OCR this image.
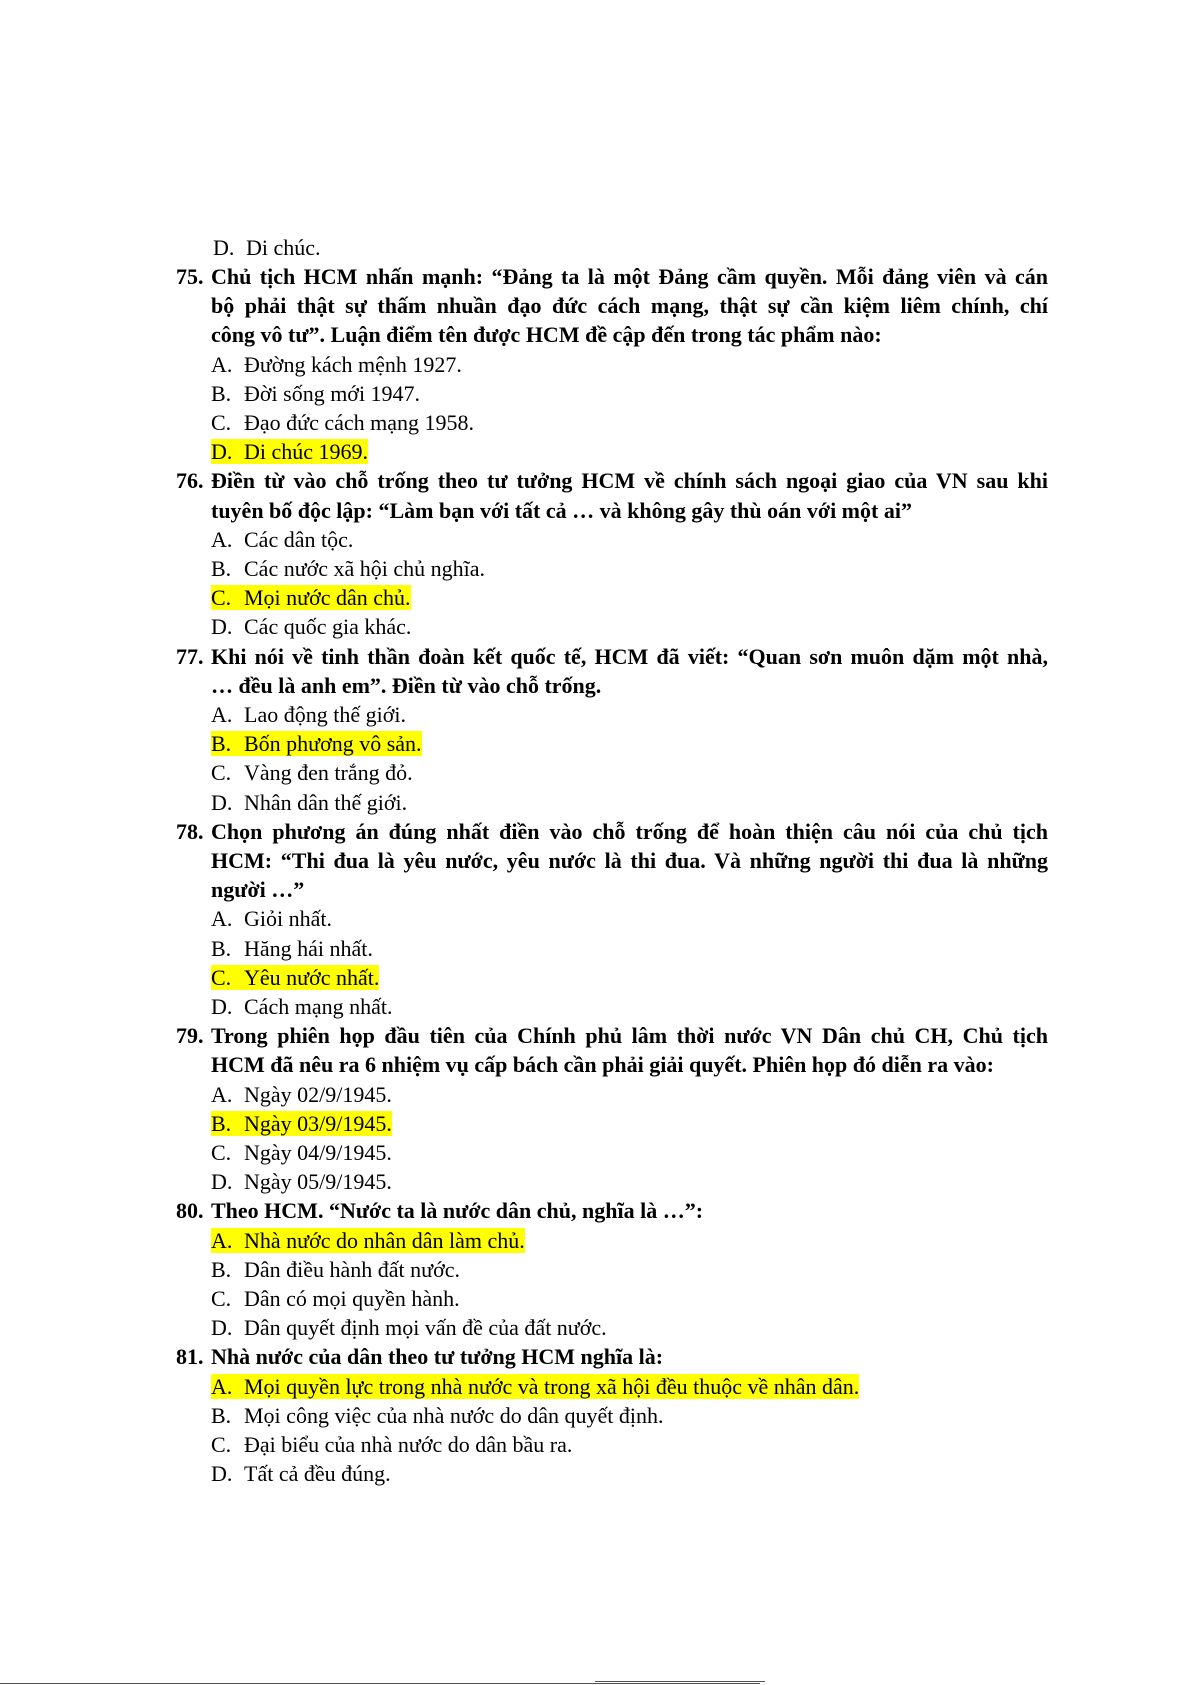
D. Di chúc.
75. Chủ tịch HCM nhấn mạnh: “Đảng ta là một Đảng cầm quyền. Mỗi đảng viên và cán
bộ phải thật sự thấm nhuần đạo đức cách mạng, thật sự cần kiệm liêm chính, chí
công vô tư”. Luận điểm tên được HCM đề cập đến trong tác phẩm nào:
A. Đường kách mệnh 1927.
B. Đời sống mới 1947.
C. Đạo đức cách mạng 1958.
D. Di chúc 1969.
76. Điền từ vào chỗ trống theo tư tưởng HCM về chính sách ngoại giao của VN sau khi
tuyên bố độc lập: “Làm bạn với tất cả … và không gây thù oán với một ai”
A. Các dân tộc.
B. Các nước xã hội chủ nghĩa.
C. Mọi nước dân chủ.
D. Các quốc gia khác.
77. Khi nói về tinh thần đoàn kết quốc tế, HCM đã viết: “Quan sơn muôn dặm một nhà,
… đều là anh em”. Điền từ vào chỗ trống.
A. Lao động thế giới.
B. Bốn phương vô sản.
C. Vàng đen trắng đỏ.
D. Nhân dân thế giới.
78. Chọn phương án đúng nhất điền vào chỗ trống để hoàn thiện câu nói của chủ tịch
HCM: “Thi đua là yêu nước, yêu nước là thi đua. Và những người thi đua là những
người …”
A. Giỏi nhất.
B. Hăng hái nhất.
C. Yêu nước nhất.
D. Cách mạng nhất.
79. Trong phiên họp đầu tiên của Chính phủ lâm thời nước VN Dân chủ CH, Chủ tịch
HCM đã nêu ra 6 nhiệm vụ cấp bách cần phải giải quyết. Phiên họp đó diễn ra vào:
A. Ngày 02/9/1945.
B. Ngày 03/9/1945.
C. Ngày 04/9/1945.
D. Ngày 05/9/1945.
80. Theo HCM. “Nước ta là nước dân chủ, nghĩa là …”:
A. Nhà nước do nhân dân làm chủ.
B. Dân điều hành đất nước.
C. Dân có mọi quyền hành.
D. Dân quyết định mọi vấn đề của đất nước.
81. Nhà nước của dân theo tư tưởng HCM nghĩa là:
A. Mọi quyền lực trong nhà nước và trong xã hội đều thuộc về nhân dân.
B. Mọi công việc của nhà nước do dân quyết định.
C. Đại biểu của nhà nước do dân bầu ra.
D. Tất cả đều đúng.
